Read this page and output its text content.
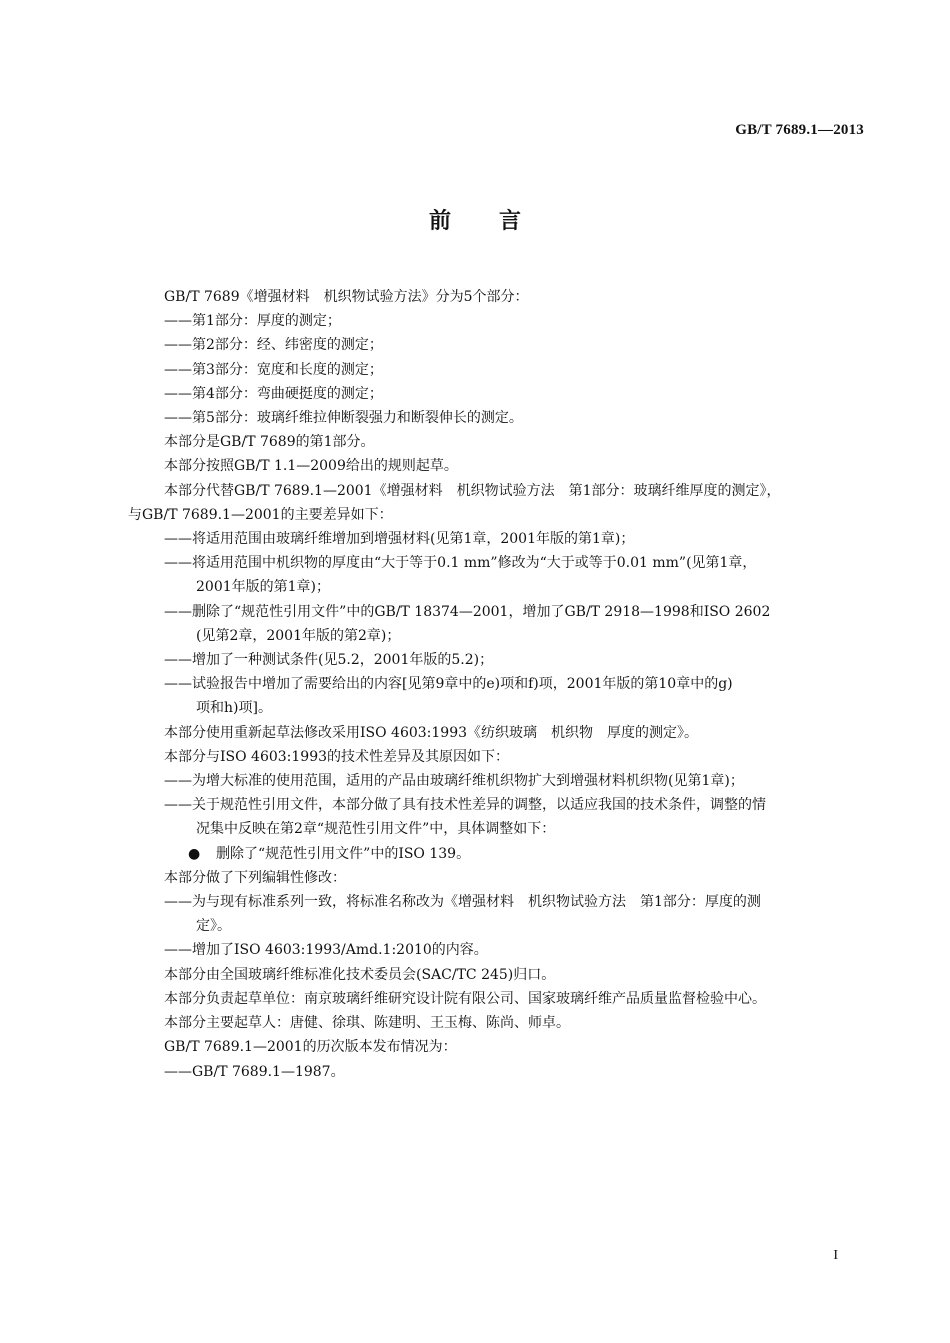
GB/T 7689.1—2013
前言
GB/T 7689《增强材料　机织物试验方法》分为5个部分：
——第1部分：厚度的测定；
——第2部分：经、纬密度的测定；
——第3部分：宽度和长度的测定；
——第4部分：弯曲硬挺度的测定；
——第5部分：玻璃纤维拉伸断裂强力和断裂伸长的测定。
本部分是GB/T 7689的第1部分。
本部分按照GB/T 1.1—2009给出的规则起草。
本部分代替GB/T 7689.1—2001《增强材料　机织物试验方法　第1部分：玻璃纤维厚度的测定》，
与GB/T 7689.1—2001的主要差异如下：
——将适用范围由玻璃纤维增加到增强材料(见第1章，2001年版的第1章)；
——将适用范围中机织物的厚度由“大于等于0.1 mm”修改为“大于或等于0.01 mm”(见第1章，
2001年版的第1章)；
——删除了“规范性引用文件”中的GB/T 18374—2001，增加了GB/T 2918—1998和ISO 2602
(见第2章，2001年版的第2章)；
——增加了一种测试条件(见5.2，2001年版的5.2)；
——试验报告中增加了需要给出的内容[见第9章中的e)项和f)项，2001年版的第10章中的g)
项和h)项]。
本部分使用重新起草法修改采用ISO 4603:1993《纺织玻璃　机织物　厚度的测定》。
本部分与ISO 4603:1993的技术性差异及其原因如下：
——为增大标准的使用范围，适用的产品由玻璃纤维机织物扩大到增强材料机织物(见第1章)；
——关于规范性引用文件，本部分做了具有技术性差异的调整，以适应我国的技术条件，调整的情
况集中反映在第2章“规范性引用文件”中，具体调整如下：
● 删除了“规范性引用文件”中的ISO 139。
本部分做了下列编辑性修改：
——为与现有标准系列一致，将标准名称改为《增强材料　机织物试验方法　第1部分：厚度的测
定》。
——增加了ISO 4603:1993/Amd.1:2010的内容。
本部分由全国玻璃纤维标准化技术委员会(SAC/TC 245)归口。
本部分负责起草单位：南京玻璃纤维研究设计院有限公司、国家玻璃纤维产品质量监督检验中心。
本部分主要起草人：唐健、徐琪、陈建明、王玉梅、陈尚、师卓。
GB/T 7689.1—2001的历次版本发布情况为：
——GB/T 7689.1—1987。
I
